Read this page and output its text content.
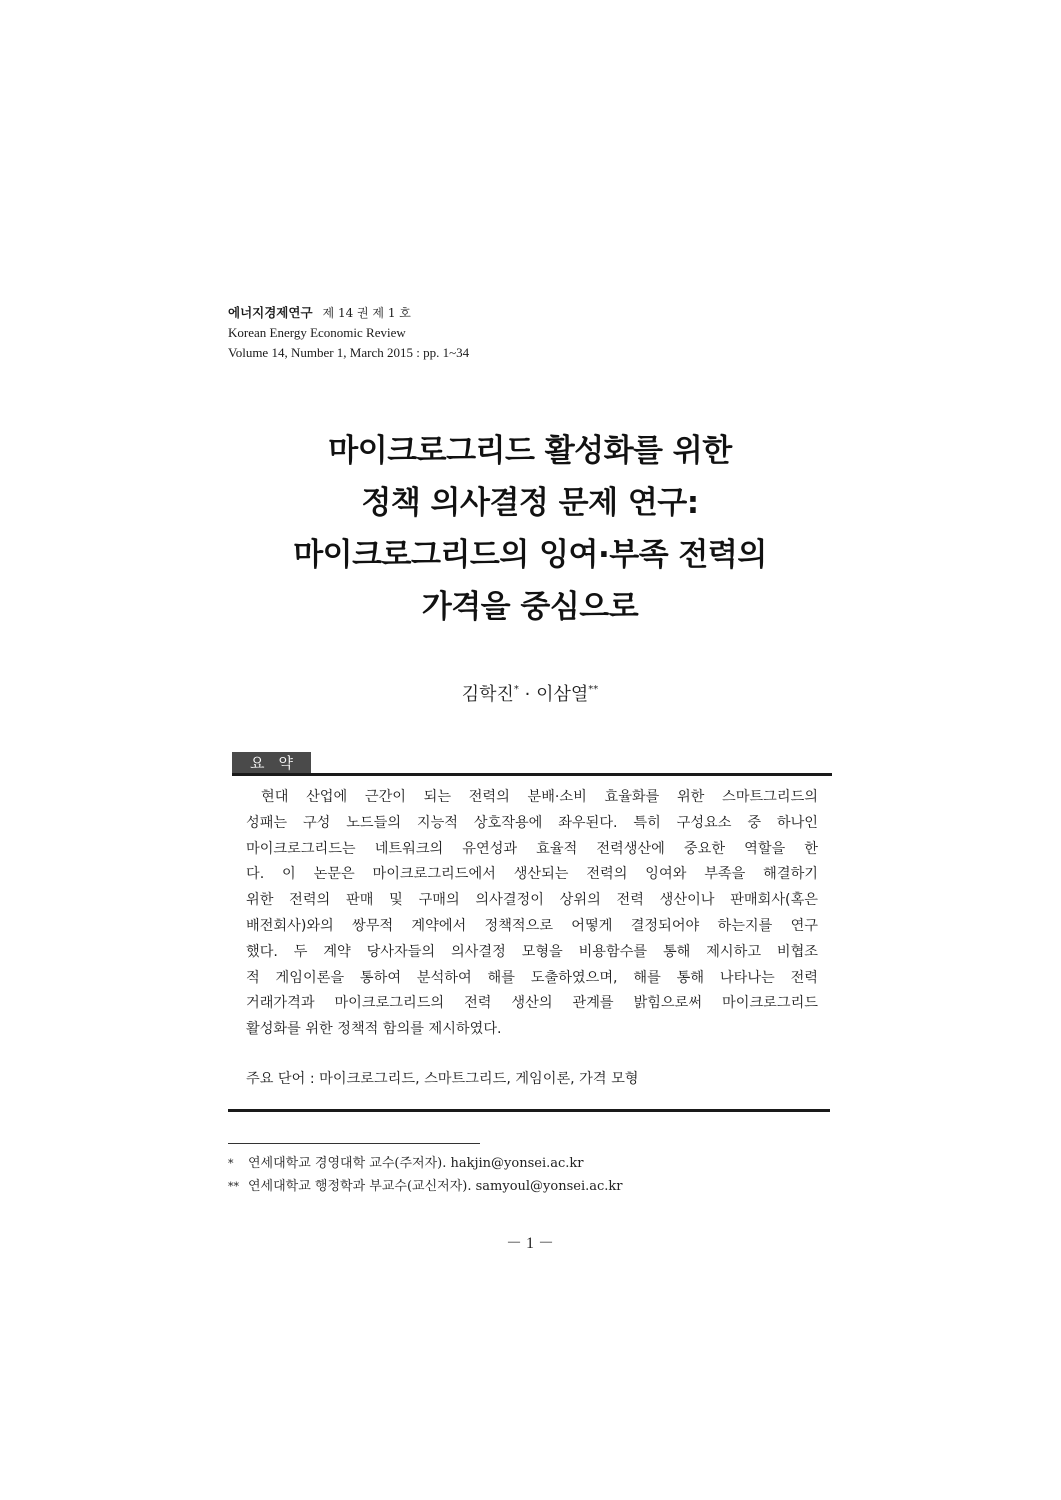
에너지경제연구 제 14 권 제 1 호
Korean Energy Economic Review
Volume 14, Number 1, March 2015 : pp. 1~34
마이크로그리드 활성화를 위한
정책 의사결정 문제 연구:
마이크로그리드의 잉여·부족 전력의
가격을 중심으로
김학진* · 이삼열**
요약
현대 산업에 근간이 되는 전력의 분배·소비 효율화를 위한 스마트그리드의
성패는 구성 노드들의 지능적 상호작용에 좌우된다. 특히 구성요소 중 하나인
마이크로그리드는 네트워크의 유연성과 효율적 전력생산에 중요한 역할을 한
다. 이 논문은 마이크로그리드에서 생산되는 전력의 잉여와 부족을 해결하기
위한 전력의 판매 및 구매의 의사결정이 상위의 전력 생산이나 판매회사(혹은
배전회사)와의 쌍무적 계약에서 정책적으로 어떻게 결정되어야 하는지를 연구
했다. 두 계약 당사자들의 의사결정 모형을 비용함수를 통해 제시하고 비협조
적 게임이론을 통하여 분석하여 해를 도출하였으며, 해를 통해 나타나는 전력
거래가격과 마이크로그리드의 전력 생산의 관계를 밝힘으로써 마이크로그리드
활성화를 위한 정책적 함의를 제시하였다.
주요 단어 : 마이크로그리드, 스마트그리드, 게임이론, 가격 모형
* 연세대학교 경영대학 교수(주저자). hakjin@yonsei.ac.kr
** 연세대학교 행정학과 부교수(교신저자). samyoul@yonsei.ac.kr
－ 1 －
